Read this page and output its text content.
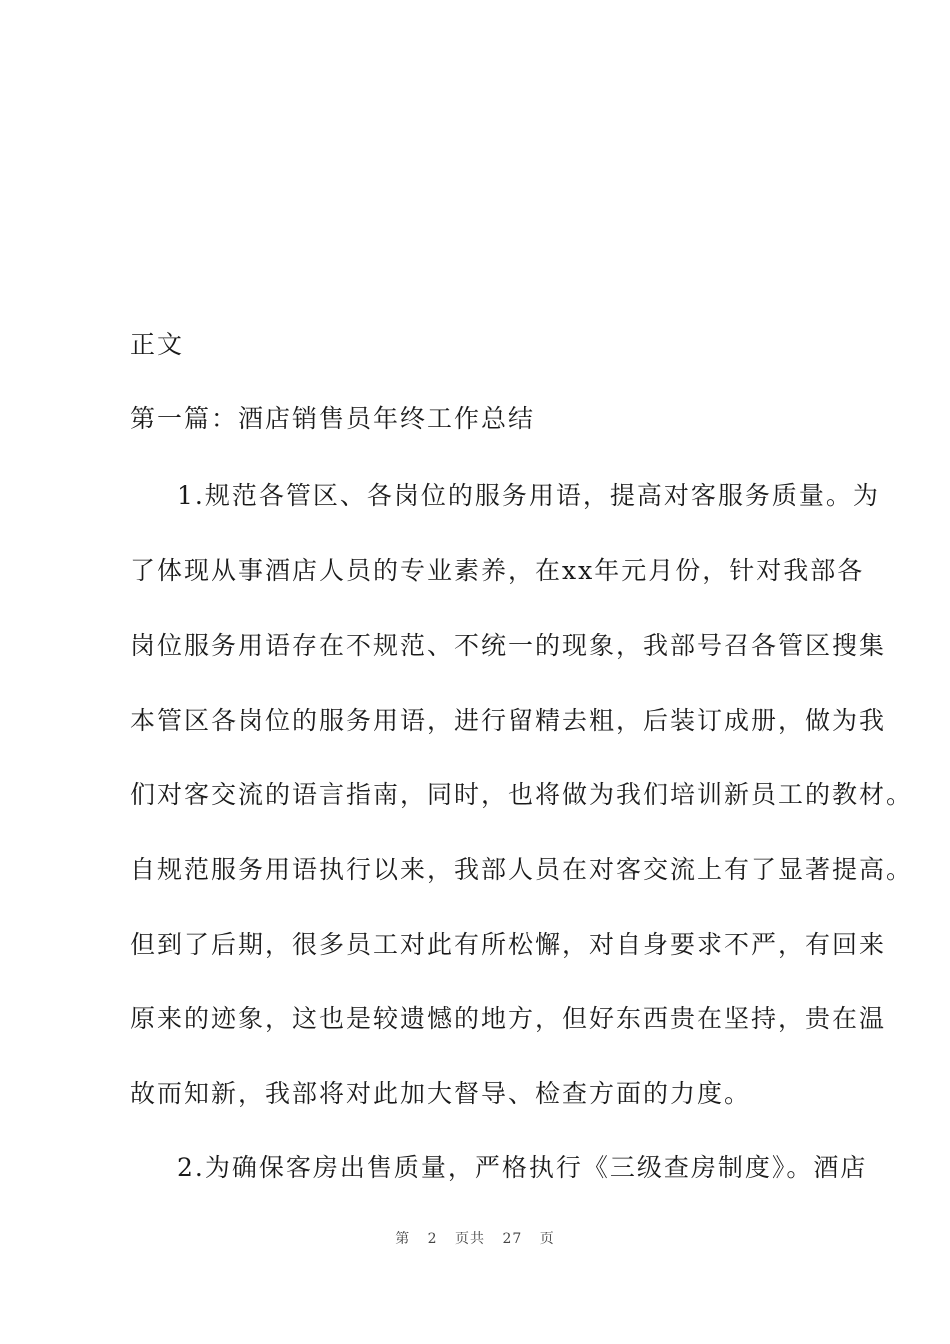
正文
第一篇：酒店销售员年终工作总结
1.规范各管区、各岗位的服务用语，提高对客服务质量。为
了体现从事酒店人员的专业素养，在xx年元月份，针对我部各
岗位服务用语存在不规范、不统一的现象，我部号召各管区搜集
本管区各岗位的服务用语，进行留精去粗，后装订成册，做为我
们对客交流的语言指南，同时，也将做为我们培训新员工的教材。
自规范服务用语执行以来，我部人员在对客交流上有了显著提高。
但到了后期，很多员工对此有所松懈，对自身要求不严，有回来
原来的迹象，这也是较遗憾的地方，但好东西贵在坚持，贵在温
故而知新，我部将对此加大督导、检查方面的力度。
2.为确保客房出售质量，严格执行《三级查房制度》。酒店
第 2 页共 27 页
